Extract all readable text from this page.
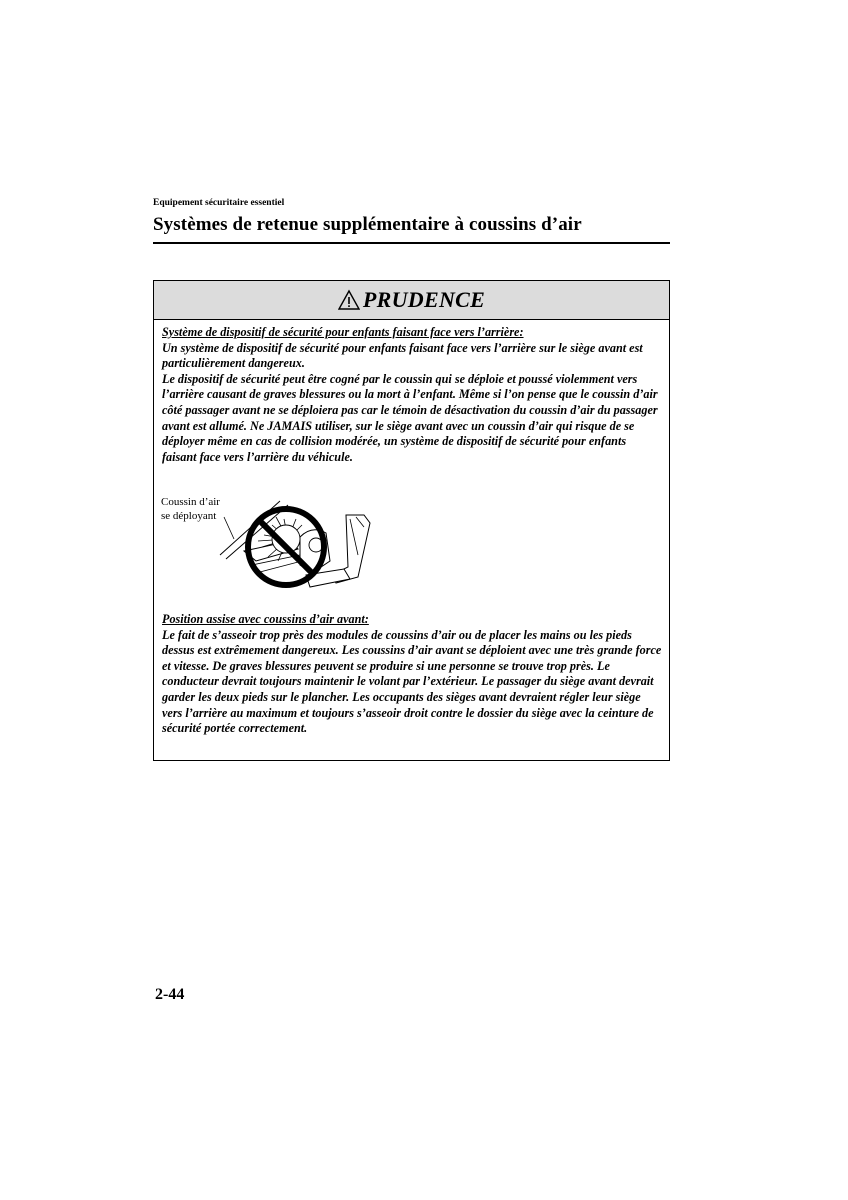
Equipement sécuritaire essentiel
Systèmes de retenue supplémentaire à coussins d’air
PRUDENCE

Système de dispositif de sécurité pour enfants faisant face vers l’arrière:

Un système de dispositif de sécurité pour enfants faisant face vers l’arrière sur le siège avant est particulièrement dangereux.

Le dispositif de sécurité peut être cogné par le coussin qui se déploie et poussé violemment vers l’arrière causant de graves blessures ou la mort à l’enfant. Même si l’on pense que le coussin d’air côté passager avant ne se déploiera pas car le témoin de désactivation du coussin d’air du passager avant est allumé. Ne JAMAIS utiliser, sur le siège avant avec un coussin d’air qui risque de se déployer même en cas de collision modérée, un système de dispositif de sécurité pour enfants faisant face vers l’arrière du véhicule.

Coussin d’air
se déployant

Position assise avec coussins d’air avant:

Le fait de s’asseoir trop près des modules de coussins d’air ou de placer les mains ou les pieds dessus est extrêmement dangereux. Les coussins d’air avant se déploient avec une très grande force et vitesse. De graves blessures peuvent se produire si une personne se trouve trop près. Le conducteur devrait toujours maintenir le volant par l’extérieur. Le passager du siège avant devrait garder les deux pieds sur le plancher. Les occupants des sièges avant devraient régler leur siège vers l’arrière au maximum et toujours s’asseoir droit contre le dossier du siège avec la ceinture de sécurité portée correctement.

2-44
